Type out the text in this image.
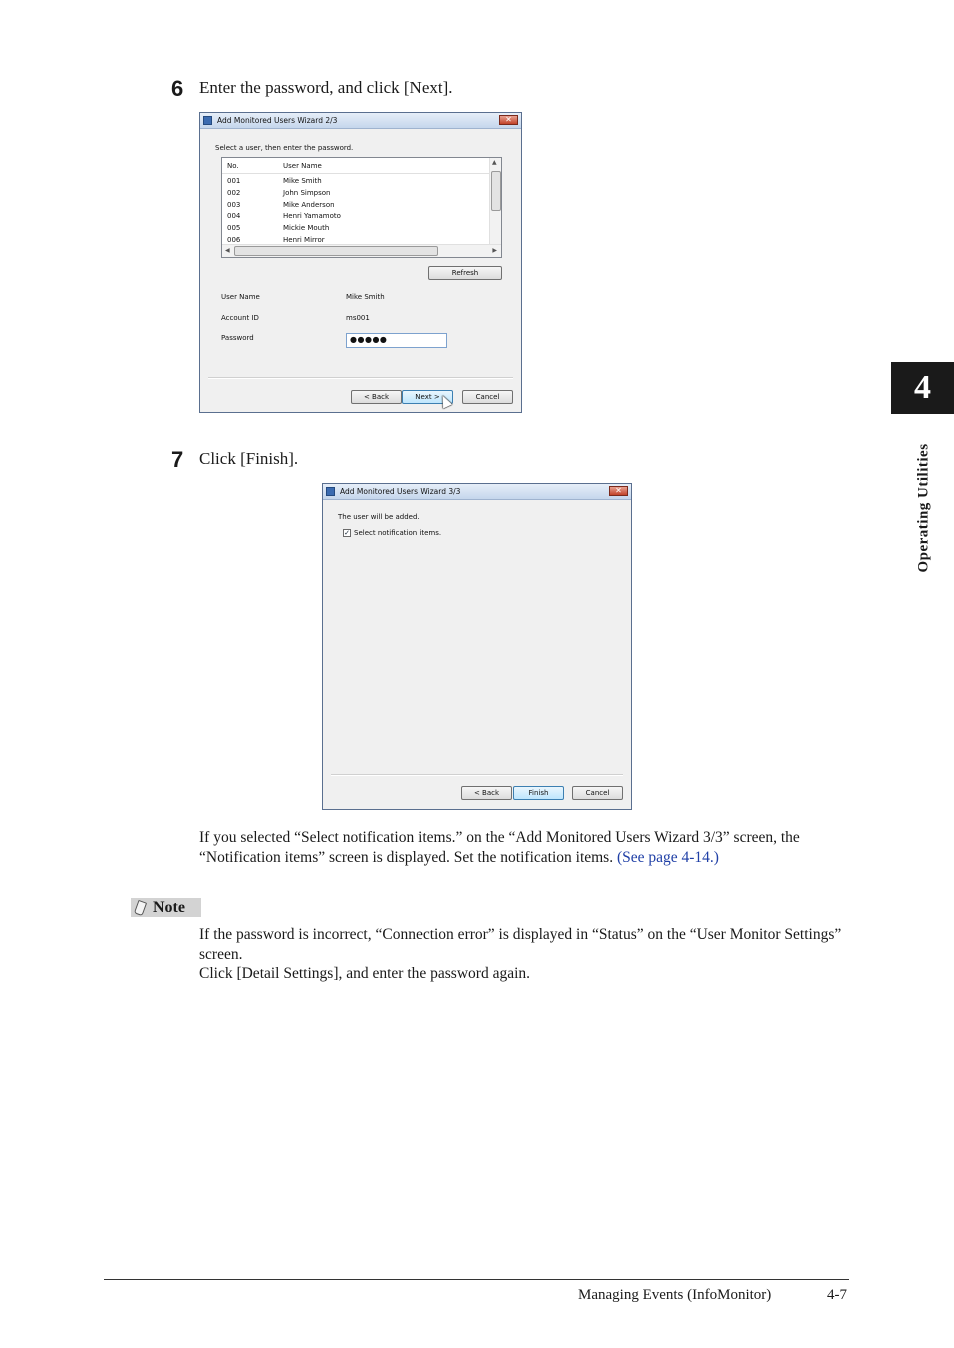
6 Enter the password, and click [Next].
Add Monitored Users Wizard 2/3	✕
Select a user, then enter the password.
No.	User Name
001	Mike Smith
002	John Simpson
003	Mike Anderson
004	Henri Yamamoto
005	Mickie Mouth
006	Henri Mirror
▲
◀	▶
Refresh
User Name	Mike Smith
Account ID	ms001
Password	●●●●●
< Back	Next >	Cancel
7 Click [Finish].
Add Monitored Users Wizard 3/3	✕
The user will be added.
✓ Select notification items.
< Back	Finish	Cancel
If you selected “Select notification items.” on the “Add Monitored Users Wizard 3/3” screen, the “Notification items” screen is displayed. Set the notification items. (See page 4-14.)
Note
If the password is incorrect, “Connection error” is displayed in “Status” on the “User Monitor Settings” screen.
Click [Detail Settings], and enter the password again.
4
Operating Utilities
Managing Events (InfoMonitor)	4-7
